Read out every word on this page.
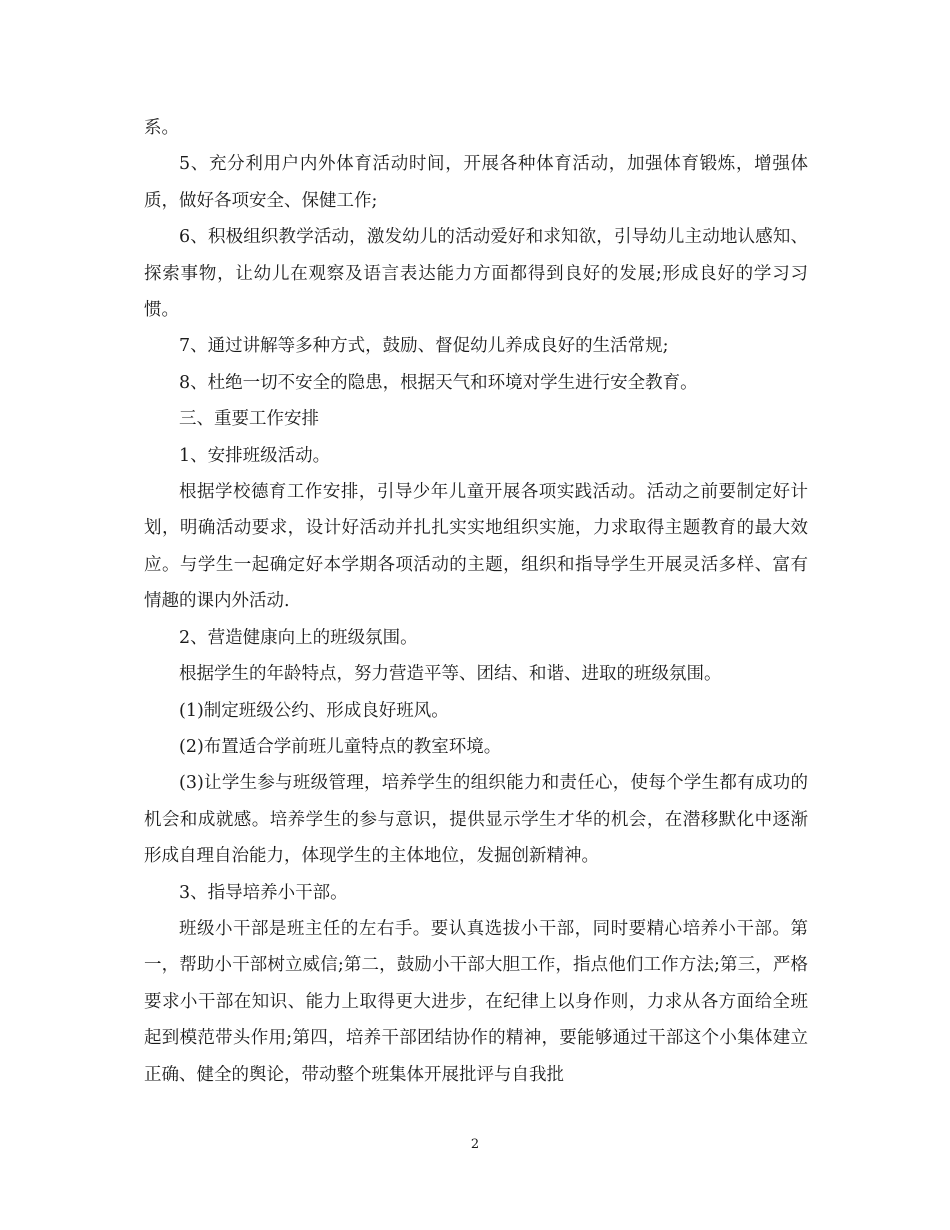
系。

5、充分利用户内外体育活动时间，开展各种体育活动，加强体育锻炼，增强体质，做好各项安全、保健工作;

6、积极组织教学活动，激发幼儿的活动爱好和求知欲，引导幼儿主动地认感知、探索事物，让幼儿在观察及语言表达能力方面都得到良好的发展;形成良好的学习习惯。

7、通过讲解等多种方式，鼓励、督促幼儿养成良好的生活常规;

8、杜绝一切不安全的隐患，根据天气和环境对学生进行安全教育。

三、重要工作安排

1、安排班级活动。

根据学校德育工作安排，引导少年儿童开展各项实践活动。活动之前要制定好计划，明确活动要求，设计好活动并扎扎实实地组织实施，力求取得主题教育的最大效应。与学生一起确定好本学期各项活动的主题，组织和指导学生开展灵活多样、富有情趣的课内外活动.

2、营造健康向上的班级氛围。

根据学生的年龄特点，努力营造平等、团结、和谐、进取的班级氛围。

(1)制定班级公约、形成良好班风。

(2)布置适合学前班儿童特点的教室环境。

(3)让学生参与班级管理，培养学生的组织能力和责任心，使每个学生都有成功的机会和成就感。培养学生的参与意识，提供显示学生才华的机会，在潜移默化中逐渐形成自理自治能力，体现学生的主体地位，发掘创新精神。

3、指导培养小干部。

班级小干部是班主任的左右手。要认真选拔小干部，同时要精心培养小干部。第一，帮助小干部树立威信;第二，鼓励小干部大胆工作，指点他们工作方法;第三，严格要求小干部在知识、能力上取得更大进步，在纪律上以身作则，力求从各方面给全班起到模范带头作用;第四，培养干部团结协作的精神，要能够通过干部这个小集体建立正确、健全的舆论，带动整个班集体开展批评与自我批

2
